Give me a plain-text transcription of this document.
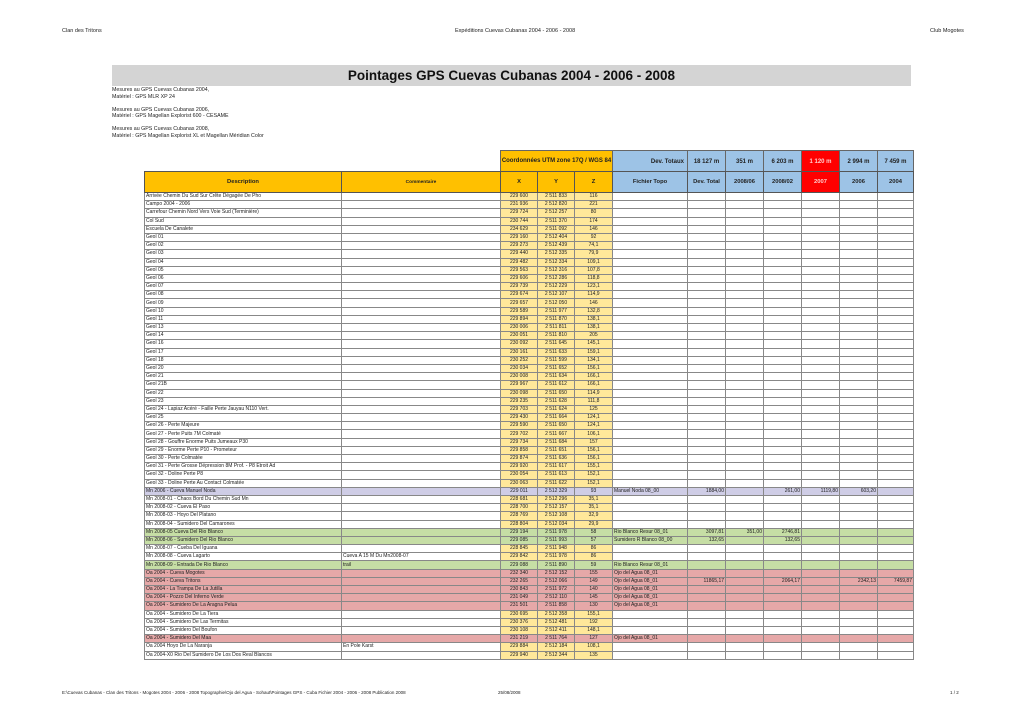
Clan des Tritons	Expéditions Cuevas Cubanas 2004 - 2006 - 2008	Club Mogotes
Pointages GPS Cuevas Cubanas 2004 - 2006 - 2008
Mesures au GPS Cuevas Cubanas 2004,
Matériel : GPS MLR XP 24
Mesures au GPS Cuevas Cubanas 2006,
Matériel : GPS Magellan Explorist 600 - CESAME
Mesures au GPS Cuevas Cubanas 2008,
Matériel : GPS Magellan Explorist XL et Magellan Méridian Color
Coordonnées UTM zone 17Q / WGS 84	Dev. Totaux	18 127 m	351 m	6 203 m	1 120 m	2 994 m	7 459 m
Description	Commentaire	X	Y	Z	Fichier Topo	Dev. Total	2008/06	2008/02	2007	2006	2004
Arrivée Chemin Du Sud Sur Crête Dégagée De Pho		229 600	2 511 833	116							
Campo 2004 - 2006		231 936	2 512 820	221							
Carrefour Chemin Nord Vers Voie Sud (Terminière)		229 724	2 512 257	80							
Col Sud		230 744	2 511 370	174							
Escuela De Canalete		234 629	2 511 092	146							
Geol 01		229 160	2 512 404	92							
Geol 02		229 273	2 512 439	74,1							
Geol 03		229 440	2 512 335	79,9							
Geol 04		229 482	2 512 334	109,1							
Geol 05		229 563	2 512 316	107,8							
Geol 06		229 606	2 512 286	118,8							
Geol 07		229 739	2 512 229	123,1							
Geol 08		229 674	2 512 107	114,9							
Geol 09		229 657	2 512 050	146							
Geol 10		229 589	2 511 977	132,8							
Geol 11		229 894	2 511 870	138,1							
Geol 13		230 006	2 511 811	138,1							
Geol 14		230 051	2 511 810	205							
Geol 16		230 092	2 511 645	145,1							
Geol 17		230 161	2 511 633	159,1							
Geol 18		230 252	2 511 599	134,1							
Geol 20		230 034	2 511 652	156,1							
Geol 21		230 008	2 511 634	166,1							
Geol 21B		229 967	2 511 612	166,1							
Geol 22		230 098	2 511 650	114,9							
Geol 23		229 235	2 511 628	111,8							
Geol 24 - Lapiaz Acéré - Faille Perte Jauyau N110 Vert.		229 703	2 511 624	125							
Geol 25		229 430	2 511 664	124,1							
Geol 26 - Perte Majeure		229 590	2 511 650	124,1							
Geol 27 - Perte Puits 7M Colmaté		229 702	2 511 667	106,1							
Geol 28 - Gouffre Enorme Puits Jumeaux P30		229 734	2 511 684	157							
Geol 29 - Enorme Perte P10 - Prometeur		229 858	2 511 651	156,1							
Geol 30 - Perte Colmatée		229 874	2 511 636	156,1							
Geol 31 - Perte Grosse Dépression 8M Prof. - P8 Etroit Ad		229 920	2 511 617	155,1							
Geol 32 - Doline Perte P8		230 054	2 511 613	152,1							
Geol 33 - Doline Perte Au Contact Colmatée		230 063	2 511 622	152,1							
Mn 2006 - Cueva Manuel Noda		229 011	2 512 329	93	Manuel Noda 08_00	1884,00		261,00	1119,80	603,20	
Mn 2008-01 - Chaos Bord Du Chemin Sud Mn		228 681	2 512 296	35,1							
Mn 2008-02 - Cueva El Paso		228 700	2 512 157	35,1							
Mn 2008-03 - Hoyo Del Platano		228 769	2 512 108	32,9							
Mn 2008-04 - Sumidero Del Camarones		228 804	2 512 034	29,9							
Mn 2008-05 Cueva Del Rio Blanco		229 194	2 511 978	58	Rio Blanco Resur 08_01	3097,81	351,00	2746,81			
Mn 2008-06 - Sumidero Del Rio Blanco		229 085	2 511 993	57	Sumidero R Blanco 08_00	132,65		132,65			
Mn 2008-07 - Cueba Del Iguana		228 845	2 511 948	86							
Mn 2008-08 - Cueva Lagarto	Cueva A 15 M Du Mn2008-07	229 842	2 511 978	86							
Mn 2008-09 - Entrada De Rio Blanco	trail	229 088	2 511 890	59	Rio Blanco Resur 08_01						
Oa 2004 - Cueva Mogotes		232 340	2 512 152	155	Ojo del Agua 08_01						
Oa 2004 - Cueva Tritons		232 265	2 512 066	149	Ojo del Agua 08_01	11865,17		2064,17		2342,13	7459,87
Oa 2004 - La Trampa De La Jutilla		230 843	2 511 972	140	Ojo del Agua 08_01						
Oa 2004 - Pozzo Del Inferno Verde		231 049	2 512 110	145	Ojo del Agua 08_01						
Oa 2004 - Sumidero De La Aragna Pelua		231 501	2 511 858	130	Ojo del Agua 08_01						
Oa 2004 - Sumidero De La Tiera		230 695	2 512 358	155,1							
Oa 2004 - Sumidero De Las Termitas		230 376	2 512 481	192							
Oa 2004 - Sumidero Del Boufon		230 108	2 512 411	148,1							
Oa 2004 - Sumidero Del Maa		231 219	2 511 764	127	Ojo del Agua 08_01						
Oa 2004 Hoyo De La Naranja	En Pole Karst	229 884	2 512 184	108,1							
Oa 2004-X0 Rio Del Sumidero De Los Dos Real Blancos		229 940	2 512 344	135							
E:\Cuevas Cubanas - Clan des Tritons - Mogotes 2004 - 2006 - 2008 Topographie\Ojo del Agua - Sohaut\Pointages GPS - Cuba Fichier 2004 - 2006 - 2008 Publication 2008	25/08/2008	1 / 2
